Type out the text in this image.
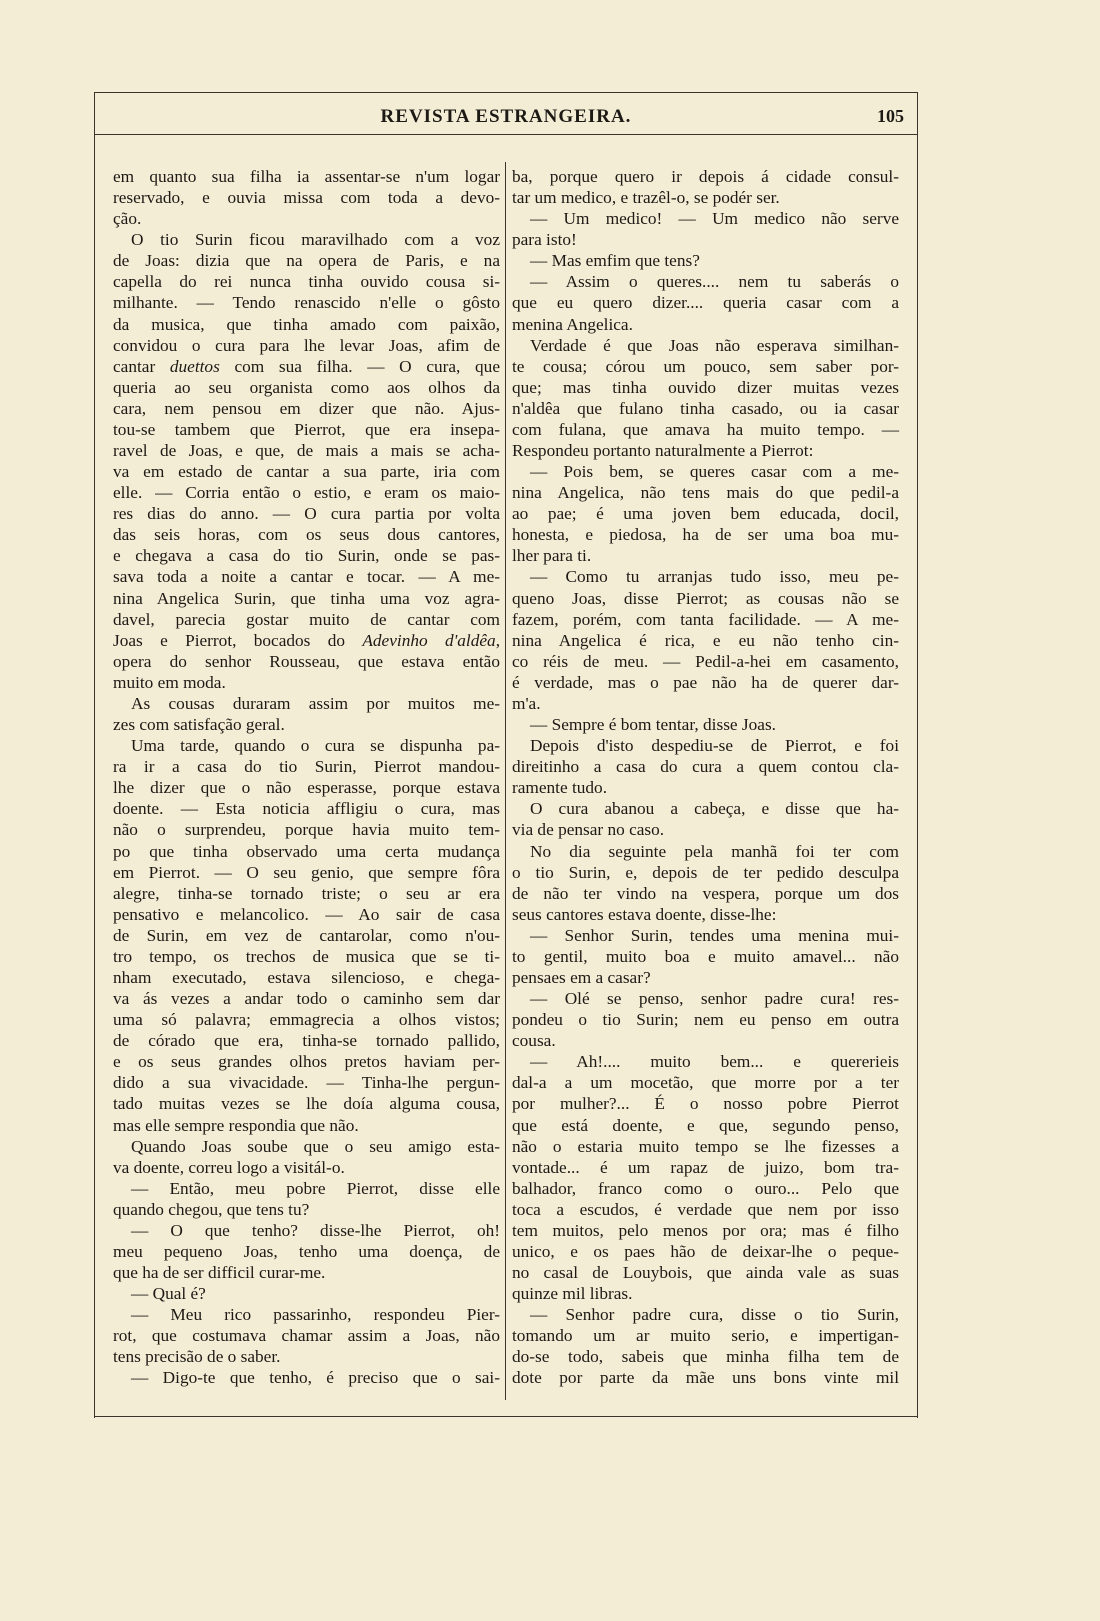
REVISTA ESTRANGEIRA.	105
em quanto sua filha ia assentar-se n'um logar
reservado, e ouvia missa com toda a devo-
ção.
O tio Surin ficou maravilhado com a voz
de Joas: dizia que na opera de Paris, e na
capella do rei nunca tinha ouvido cousa si-
milhante. — Tendo renascido n'elle o gôsto
da musica, que tinha amado com paixão,
convidou o cura para lhe levar Joas, afim de
cantar duettos com sua filha. — O cura, que
queria ao seu organista como aos olhos da
cara, nem pensou em dizer que não. Ajus-
tou-se tambem que Pierrot, que era insepa-
ravel de Joas, e que, de mais a mais se acha-
va em estado de cantar a sua parte, iria com
elle. — Corria então o estio, e eram os maio-
res dias do anno. — O cura partia por volta
das seis horas, com os seus dous cantores,
e chegava a casa do tio Surin, onde se pas-
sava toda a noite a cantar e tocar. — A me-
nina Angelica Surin, que tinha uma voz agra-
davel, parecia gostar muito de cantar com
Joas e Pierrot, bocados do Adevinho d'aldêa,
opera do senhor Rousseau, que estava então
muito em moda.
As cousas duraram assim por muitos me-
zes com satisfação geral.
Uma tarde, quando o cura se dispunha pa-
ra ir a casa do tio Surin, Pierrot mandou-
lhe dizer que o não esperasse, porque estava
doente. — Esta noticia affligiu o cura, mas
não o surprendeu, porque havia muito tem-
po que tinha observado uma certa mudança
em Pierrot. — O seu genio, que sempre fôra
alegre, tinha-se tornado triste; o seu ar era
pensativo e melancolico. — Ao sair de casa
de Surin, em vez de cantarolar, como n'ou-
tro tempo, os trechos de musica que se ti-
nham executado, estava silencioso, e chega-
va ás vezes a andar todo o caminho sem dar
uma só palavra; emmagrecia a olhos vistos;
de córado que era, tinha-se tornado pallido,
e os seus grandes olhos pretos haviam per-
dido a sua vivacidade. — Tinha-lhe pergun-
tado muitas vezes se lhe doía alguma cousa,
mas elle sempre respondia que não.
Quando Joas soube que o seu amigo esta-
va doente, correu logo a visitál-o.
— Então, meu pobre Pierrot, disse elle
quando chegou, que tens tu?
— O que tenho? disse-lhe Pierrot, oh!
meu pequeno Joas, tenho uma doença, de
que ha de ser difficil curar-me.
— Qual é?
— Meu rico passarinho, respondeu Pier-
rot, que costumava chamar assim a Joas, não
tens precisão de o saber.
— Digo-te que tenho, é preciso que o sai-
ba, porque quero ir depois á cidade consul-
tar um medico, e trazêl-o, se podér ser.
— Um medico! — Um medico não serve
para isto!
— Mas emfim que tens?
— Assim o queres.... nem tu saberás o
que eu quero dizer.... queria casar com a
menina Angelica.
Verdade é que Joas não esperava similhan-
te cousa; córou um pouco, sem saber por-
que; mas tinha ouvido dizer muitas vezes
n'aldêa que fulano tinha casado, ou ia casar
com fulana, que amava ha muito tempo. —
Respondeu portanto naturalmente a Pierrot:
— Pois bem, se queres casar com a me-
nina Angelica, não tens mais do que pedil-a
ao pae; é uma joven bem educada, docil,
honesta, e piedosa, ha de ser uma boa mu-
lher para ti.
— Como tu arranjas tudo isso, meu pe-
queno Joas, disse Pierrot; as cousas não se
fazem, porém, com tanta facilidade. — A me-
nina Angelica é rica, e eu não tenho cin-
co réis de meu. — Pedil-a-hei em casamento,
é verdade, mas o pae não ha de querer dar-
m'a.
— Sempre é bom tentar, disse Joas.
Depois d'isto despediu-se de Pierrot, e foi
direitinho a casa do cura a quem contou cla-
ramente tudo.
O cura abanou a cabeça, e disse que ha-
via de pensar no caso.
No dia seguinte pela manhã foi ter com
o tio Surin, e, depois de ter pedido desculpa
de não ter vindo na vespera, porque um dos
seus cantores estava doente, disse-lhe:
— Senhor Surin, tendes uma menina mui-
to gentil, muito boa e muito amavel... não
pensaes em a casar?
— Olé se penso, senhor padre cura! res-
pondeu o tio Surin; nem eu penso em outra
cousa.
— Ah!.... muito bem... e quererieis
dal-a a um mocetão, que morre por a ter
por mulher?... É o nosso pobre Pierrot
que está doente, e que, segundo penso,
não o estaria muito tempo se lhe fizesses a
vontade... é um rapaz de juizo, bom tra-
balhador, franco como o ouro... Pelo que
toca a escudos, é verdade que nem por isso
tem muitos, pelo menos por ora; mas é filho
unico, e os paes hão de deixar-lhe o peque-
no casal de Louybois, que ainda vale as suas
quinze mil libras.
— Senhor padre cura, disse o tio Surin,
tomando um ar muito serio, e impertigan-
do-se todo, sabeis que minha filha tem de
dote por parte da mãe uns bons vinte mil
